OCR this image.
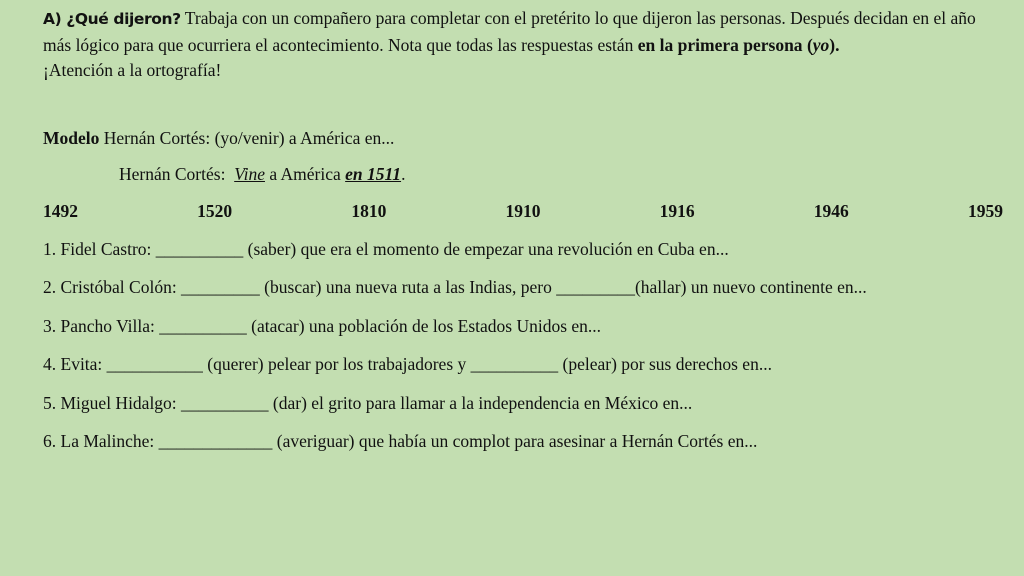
A) ¿Qué dijeron? Trabaja con un compañero para completar con el pretérito lo que dijeron las personas. Después decidan en el año más lógico para que ocurriera el acontecimiento. Nota que todas las respuestas están en la primera persona (yo).
¡Atención a la ortografía!
Modelo Hernán Cortés: (yo/venir) a América en...
Hernán Cortés:  Vine a América en 1511.
1492	1520	1810	1910	1916	1946	1959
1. Fidel Castro: __________ (saber) que era el momento de empezar una revolución en Cuba en...
2. Cristóbal Colón: _________ (buscar) una nueva ruta a las Indias, pero _________(hallar) un nuevo continente en...
3. Pancho Villa: __________ (atacar) una población de los Estados Unidos en...
4. Evita: ___________ (querer) pelear por los trabajadores y __________ (pelear) por sus derechos en...
5. Miguel Hidalgo: __________ (dar) el grito para llamar a la independencia en México en...
6. La Malinche: _____________ (averiguar) que había un complot para asesinar a Hernán Cortés en...
